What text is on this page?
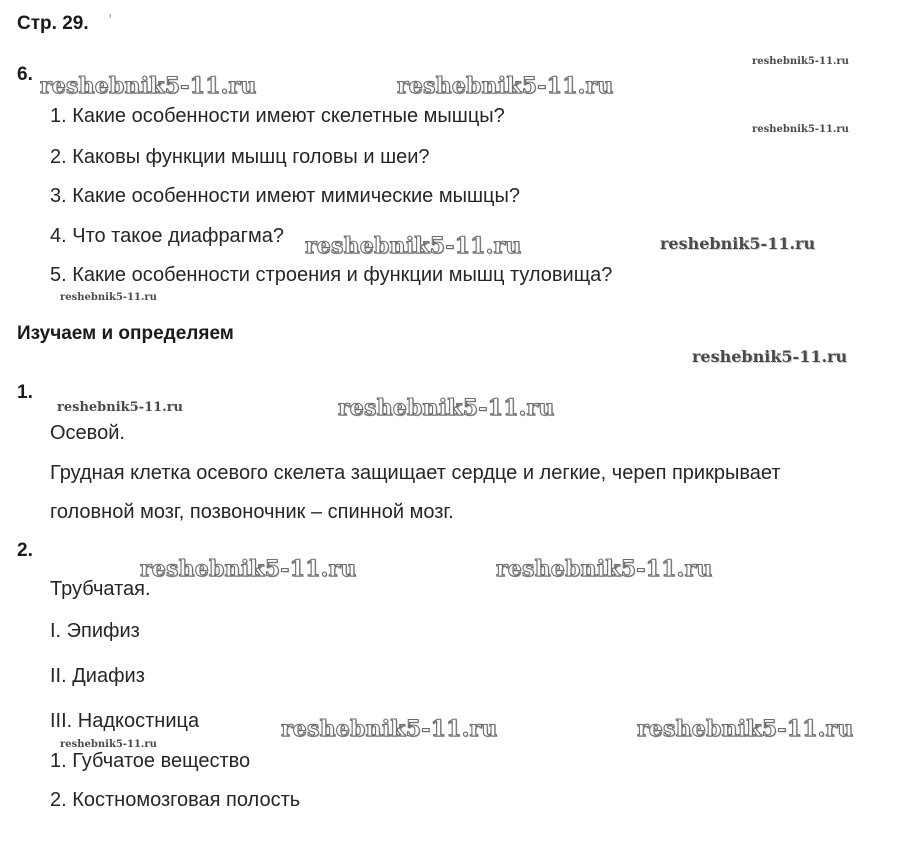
Стр. 29. '
6.
1. Какие особенности имеют скелетные мышцы?
2. Каковы функции мышц головы и шеи?
3. Какие особенности имеют мимические мышцы?
4. Что такое диафрагма?
5. Какие особенности строения и функции мышц туловища?
Изучаем и определяем
1.
Осевой.
Грудная клетка осевого скелета защищает сердце и легкие, череп прикрывает
головной мозг, позвоночник – спинной мозг.
2.
Трубчатая.
I. Эпифиз
II. Диафиз
III. Надкостница
1. Губчатое вещество
2. Костномозговая полость
reshebnik5-11.ru
reshebnik5-11.ru	reshebnik5-11.ru
reshebnik5-11.ru
reshebnik5-11.ru	reshebnik5-11.ru
reshebnik5-11.ru
reshebnik5-11.ru
reshebnik5-11.ru	reshebnik5-11.ru
reshebnik5-11.ru	reshebnik5-11.ru
reshebnik5-11.ru	reshebnik5-11.ru
reshebnik5-11.ru
